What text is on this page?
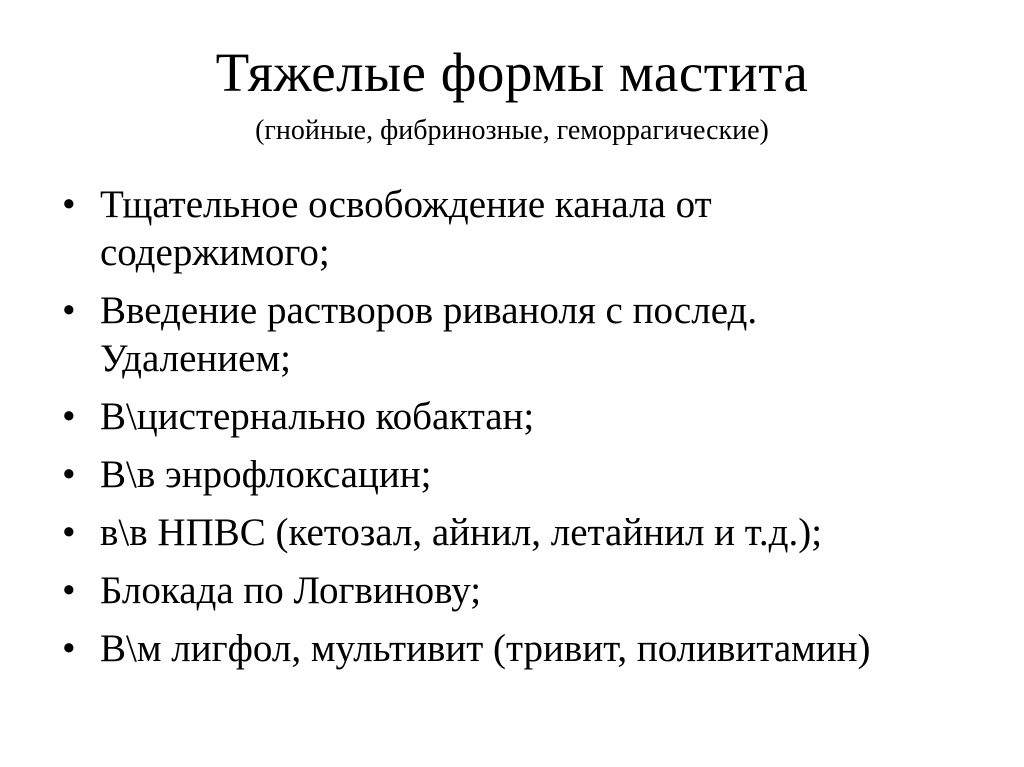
Тяжелые формы мастита
(гнойные, фибринозные, геморрагические)
• Тщательное освобождение канала от
содержимого;
• Введение растворов риваноля с послед.
Удалением;
• В\цистернально кобактан;
• В\в энрофлоксацин;
• в\в НПВС (кетозал, айнил, летайнил и т.д.);
• Блокада по Логвинову;
• В\м лигфол, мультивит (тривит, поливитамин)
